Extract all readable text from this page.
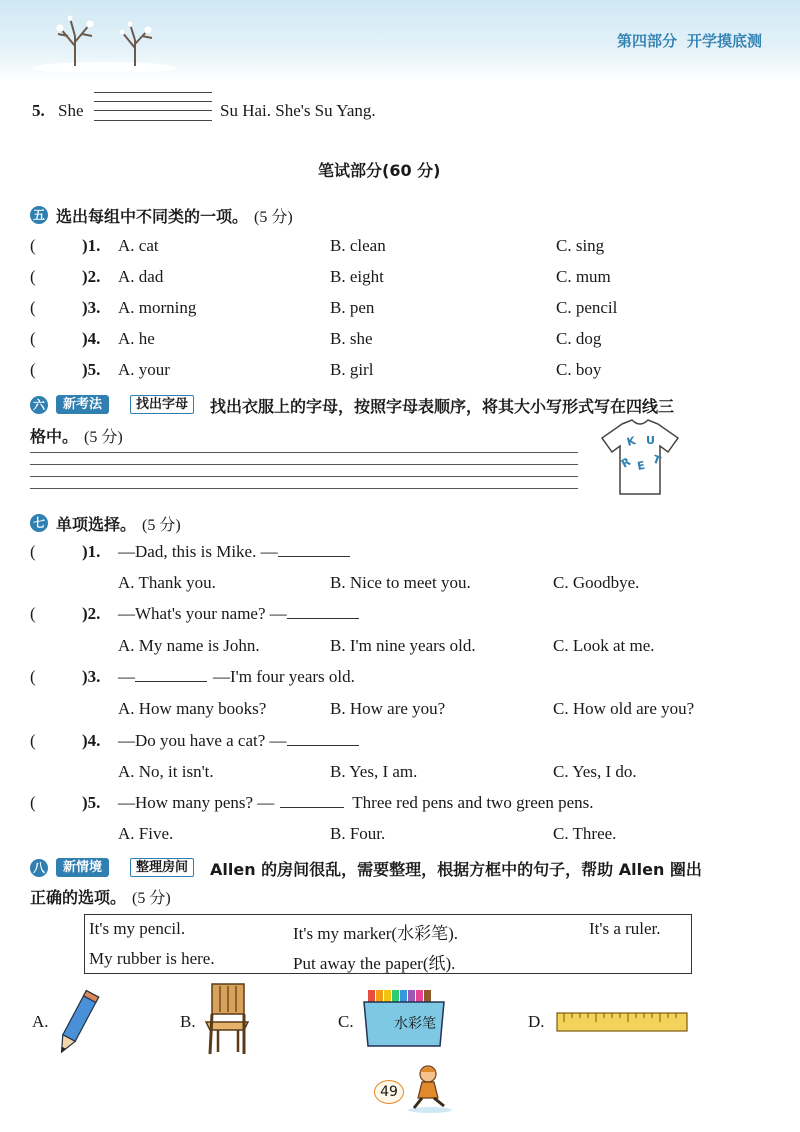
第四部分 开学摸底测
5. She	Su Hai. She's Su Yang.
笔试部分(60 分)
五 选出每组中不同类的一项。 (5 分)
(	)1. A. cat	B. clean	C. sing
(	)2. A. dad	B. eight	C. mum
(	)3. A. morning	B. pen	C. pencil
(	)4. A. he	B. she	C. dog
(	)5. A. your	B. girl	C. boy
六	新考法	找出字母	找出衣服上的字母，按照字母表顺序，将其大小写形式写在四线三
格中。 (5 分)	K U
T
E
R
七 单项选择。 (5 分)
(	)1. —Dad, this is Mike. —
A. Thank you.	B. Nice to meet you.	C. Goodbye.
(	)2. —What's your name? —
A. My name is John.	B. I'm nine years old.	C. Look at me.
(	)3. —	—I'm four years old.
A. How many books?	B. How are you?	C. How old are you?
(	)4. —Do you have a cat? —
A. No, it isn't.	B. Yes, I am.	C. Yes, I do.
(	)5. —How many pens? —	Three red pens and two green pens.
A. Five.	B. Four.	C. Three.
八	新情境	整理房间	Allen 的房间很乱，需要整理，根据方框中的句子，帮助 Allen 圈出
正确的选项。 (5 分)
It's my pencil.	It's my marker(水彩笔).	It's a ruler.
My rubber is here.	Put away the paper(纸).
A.	B.	C.	水彩笔	D.
49
